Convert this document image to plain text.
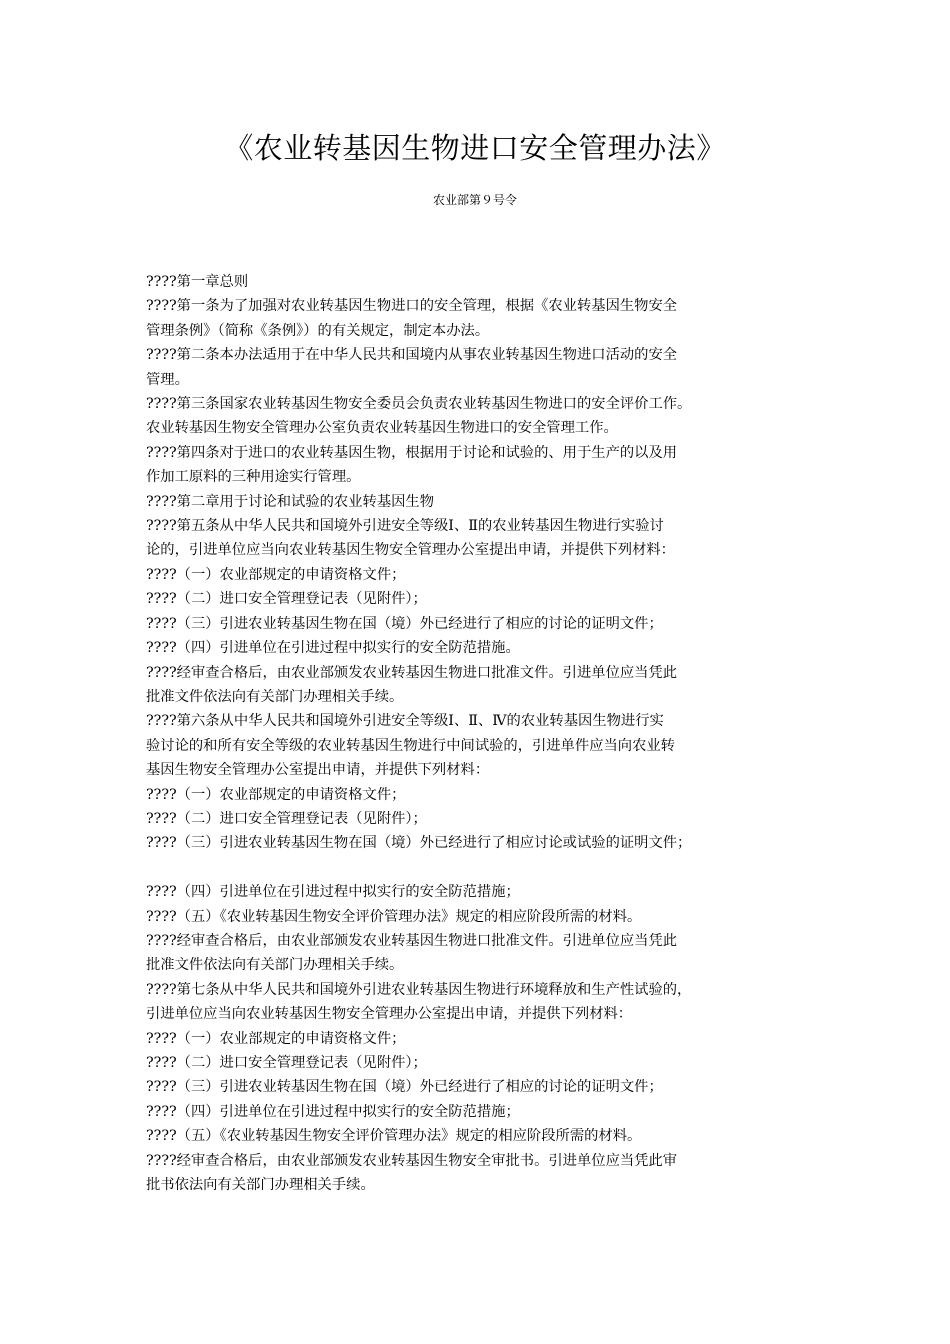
《农业转基因生物进口安全管理办法》
农业部第９号令

????第一章总则

????第一条为了加强对农业转基因生物进口的安全管理，根据《农业转基因生物安全

管理条例》（简称《条例》）的有关规定，制定本办法。

????第二条本办法适用于在中华人民共和国境内从事农业转基因生物进口活动的安全

管理。

????第三条国家农业转基因生物安全委员会负责农业转基因生物进口的安全评价工作。

农业转基因生物安全管理办公室负责农业转基因生物进口的安全管理工作。

????第四条对于进口的农业转基因生物，根据用于讨论和试验的、用于生产的以及用

作加工原料的三种用途实行管理。

????第二章用于讨论和试验的农业转基因生物

????第五条从中华人民共和国境外引进安全等级Ⅰ、Ⅱ的农业转基因生物进行实验讨

论的，引进单位应当向农业转基因生物安全管理办公室提出申请，并提供下列材料：

????（一）农业部规定的申请资格文件；

????（二）进口安全管理登记表（见附件）；

????（三）引进农业转基因生物在国（境）外已经进行了相应的讨论的证明文件；

????（四）引进单位在引进过程中拟实行的安全防范措施。

????经审查合格后，由农业部颁发农业转基因生物进口批准文件。引进单位应当凭此

批准文件依法向有关部门办理相关手续。

????第六条从中华人民共和国境外引进安全等级Ⅰ、Ⅱ、Ⅳ的农业转基因生物进行实

验讨论的和所有安全等级的农业转基因生物进行中间试验的，引进单件应当向农业转

基因生物安全管理办公室提出申请，并提供下列材料：

????（一）农业部规定的申请资格文件；

????（二）进口安全管理登记表（见附件）；

????（三）引进农业转基因生物在国（境）外已经进行了相应讨论或试验的证明文件；

????（四）引进单位在引进过程中拟实行的安全防范措施；

????（五）《农业转基因生物安全评价管理办法》规定的相应阶段所需的材料。

????经审查合格后，由农业部颁发农业转基因生物进口批准文件。引进单位应当凭此

批准文件依法向有关部门办理相关手续。

????第七条从中华人民共和国境外引进农业转基因生物进行环境释放和生产性试验的，

引进单位应当向农业转基因生物安全管理办公室提出申请，并提供下列材料：

????（一）农业部规定的申请资格文件；

????（二）进口安全管理登记表（见附件）；

????（三）引进农业转基因生物在国（境）外已经进行了相应的讨论的证明文件；

????（四）引进单位在引进过程中拟实行的安全防范措施；

????（五）《农业转基因生物安全评价管理办法》规定的相应阶段所需的材料。

????经审查合格后，由农业部颁发农业转基因生物安全审批书。引进单位应当凭此审

批书依法向有关部门办理相关手续。
